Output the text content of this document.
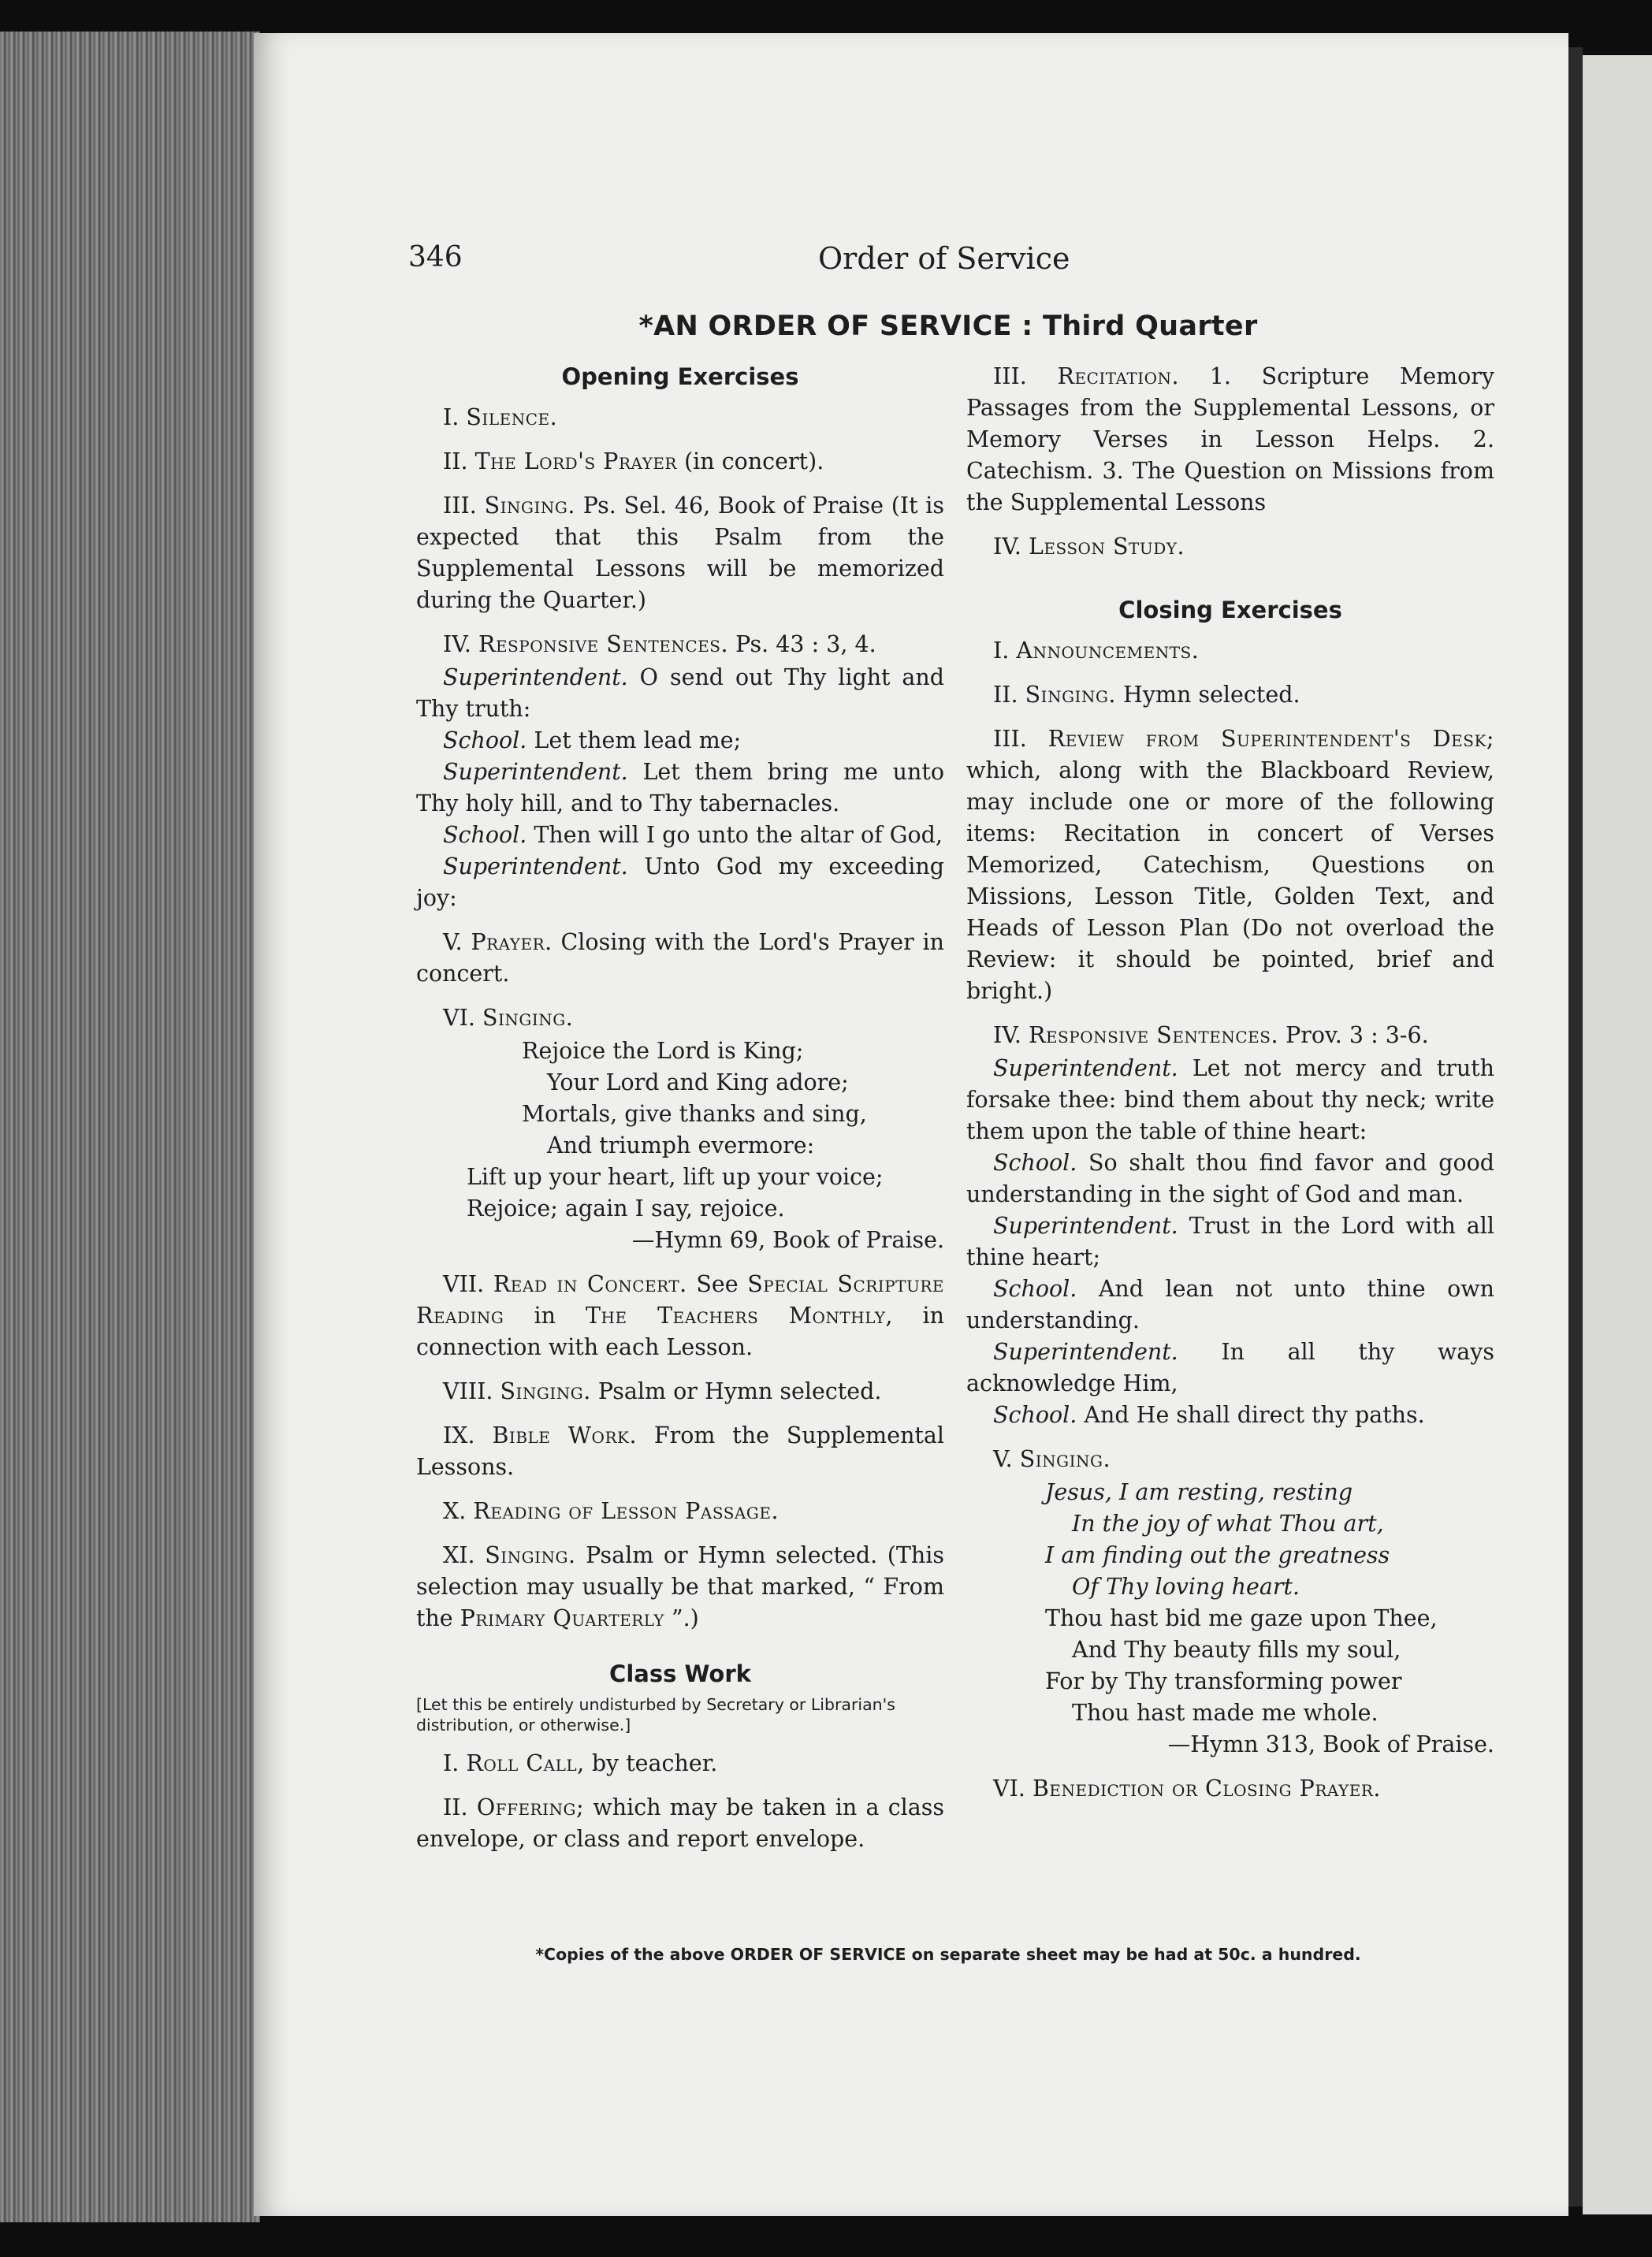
346	Order of Service
*AN ORDER OF SERVICE : Third Quarter
Opening Exercises

I. Silence.

II. The Lord's Prayer (in concert).

III. Singing. Ps. Sel. 46, Book of Praise (It is expected that this Psalm from the Supplemental Lessons will be memorized during the Quarter.)

IV. Responsive Sentences. Ps. 43 : 3, 4.

Superintendent. O send out Thy light and Thy truth:

School. Let them lead me;

Superintendent. Let them bring me unto Thy holy hill, and to Thy tabernacles.

School. Then will I go unto the altar of God,

Superintendent. Unto God my exceeding joy:

V. Prayer. Closing with the Lord's Prayer in concert.

VI. Singing.

Rejoice the Lord is King;

Your Lord and King adore;

Mortals, give thanks and sing,

And triumph evermore:

Lift up your heart, lift up your voice;

Rejoice; again I say, rejoice.

—Hymn 69, Book of Praise.

VII. Read in Concert. See Special Scripture Reading in The Teachers Monthly, in connection with each Lesson.

VIII. Singing. Psalm or Hymn selected.

IX. Bible Work. From the Supplemental Lessons.

X. Reading of Lesson Passage.

XI. Singing. Psalm or Hymn selected. (This selection may usually be that marked, “ From the Primary Quarterly ”.)

Class Work

[Let this be entirely undisturbed by Secretary or Librarian's distribution, or otherwise.]

I. Roll Call, by teacher.

II. Offering; which may be taken in a class envelope, or class and report envelope.

III. Recitation. 1. Scripture Memory Passages from the Supplemental Lessons, or Memory Verses in Lesson Helps. 2. Catechism. 3. The Question on Missions from the Supplemental Lessons

IV. Lesson Study.

Closing Exercises

I. Announcements.

II. Singing. Hymn selected.

III. Review from Superintendent's Desk; which, along with the Blackboard Review, may include one or more of the following items: Recitation in concert of Verses Memorized, Catechism, Questions on Missions, Lesson Title, Golden Text, and Heads of Lesson Plan (Do not overload the Review: it should be pointed, brief and bright.)

IV. Responsive Sentences. Prov. 3 : 3-6.

Superintendent. Let not mercy and truth forsake thee: bind them about thy neck; write them upon the table of thine heart:

School. So shalt thou find favor and good understanding in the sight of God and man.

Superintendent. Trust in the Lord with all thine heart;

School. And lean not unto thine own understanding.

Superintendent. In all thy ways acknowledge Him,

School. And He shall direct thy paths.

V. Singing.

Jesus, I am resting, resting

In the joy of what Thou art,

I am finding out the greatness

Of Thy loving heart.

Thou hast bid me gaze upon Thee,

And Thy beauty fills my soul,

For by Thy transforming power

Thou hast made me whole.

—Hymn 313, Book of Praise.

VI. Benediction or Closing Prayer.

*Copies of the above ORDER OF SERVICE on separate sheet may be had at 50c. a hundred.
